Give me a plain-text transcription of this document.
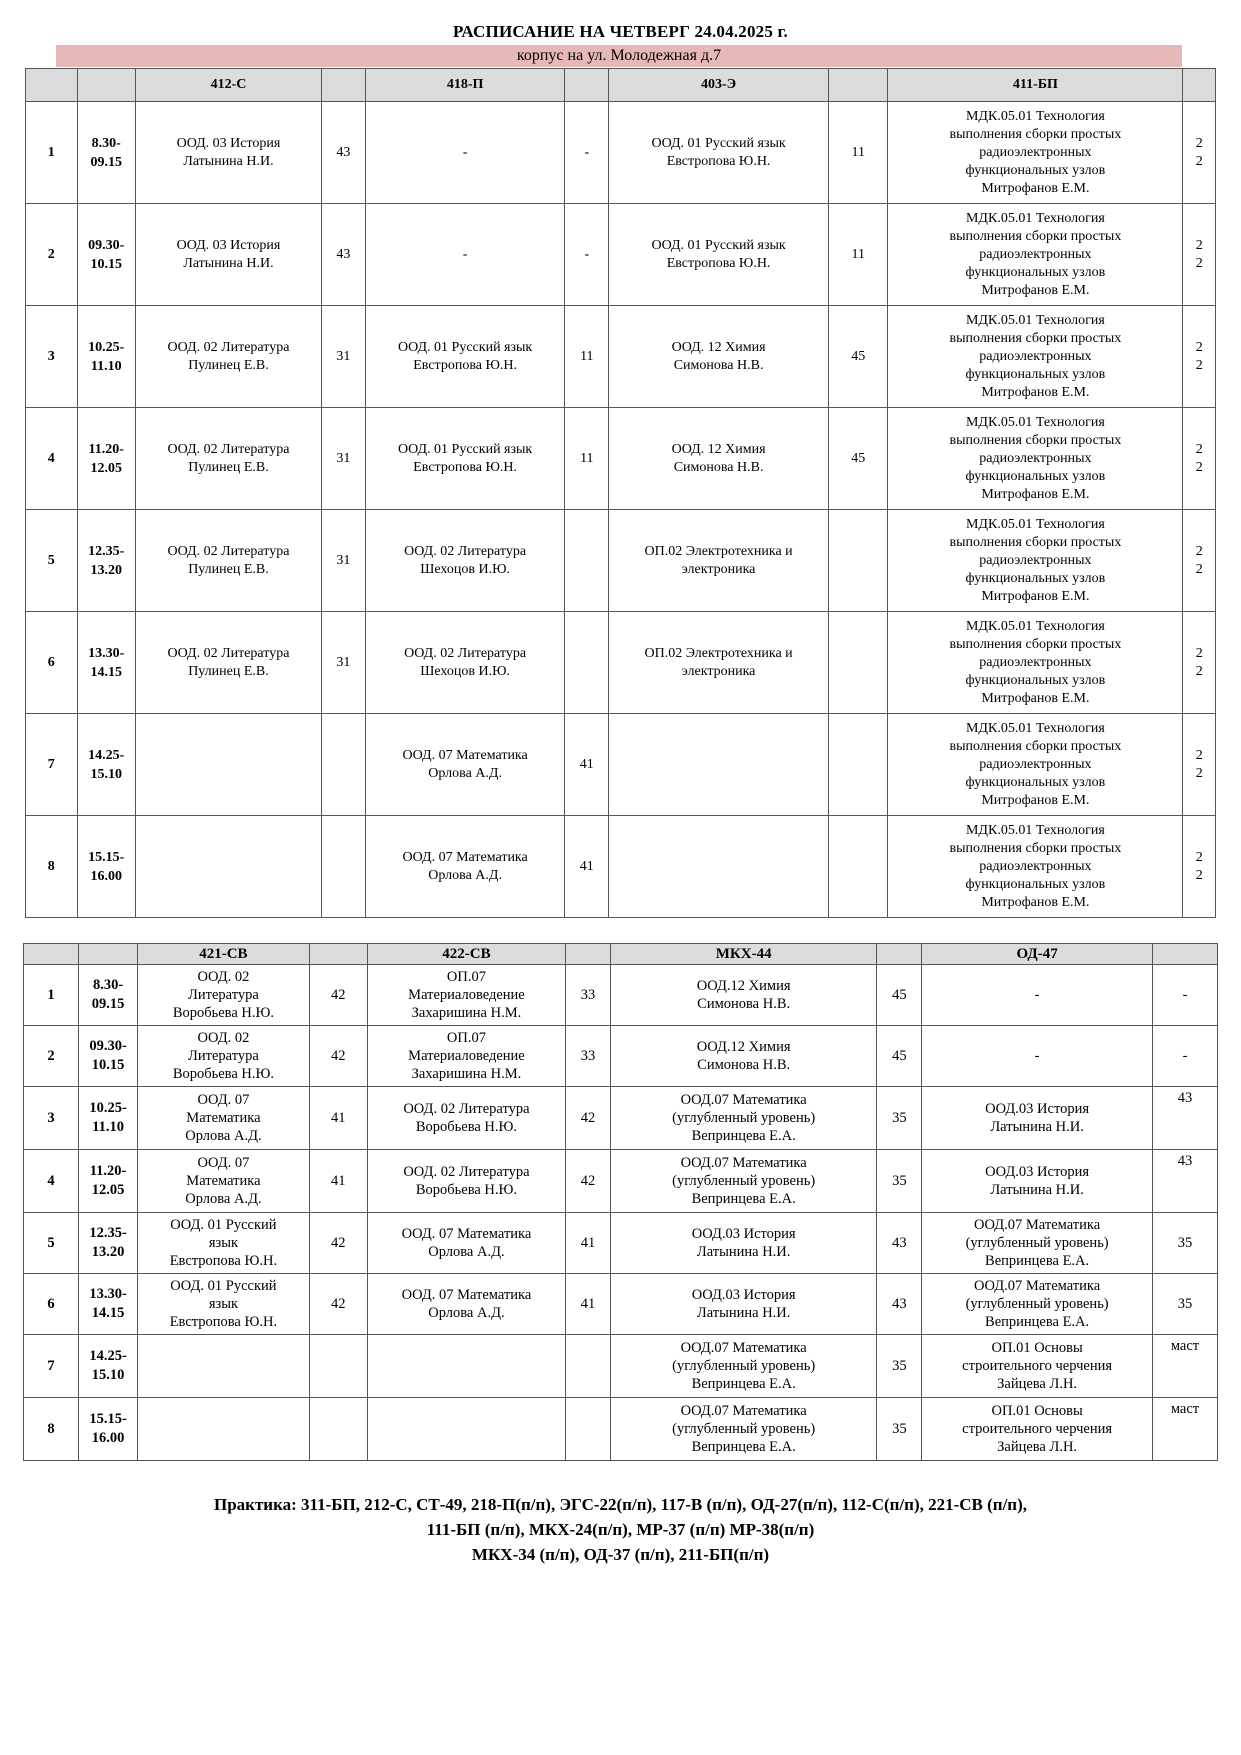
РАСПИСАНИЕ НА ЧЕТВЕРГ 24.04.2025 г.
корпус на ул. Молодежная д.7
		412-С		418-П		403-Э		411-БП	
1	8.30-
09.15	ООД. 03 История
Латынина Н.И.	43	-	-	ООД. 01 Русский язык
Евстропова Ю.Н.	11	МДК.05.01 Технология
выполнения сборки простых
радиоэлектронных
функциональных узлов
Митрофанов Е.М.	2
2
2	09.30-
10.15	ООД. 03 История
Латынина Н.И.	43	-	-	ООД. 01 Русский язык
Евстропова Ю.Н.	11	МДК.05.01 Технология
выполнения сборки простых
радиоэлектронных
функциональных узлов
Митрофанов Е.М.	2
2
3	10.25-
11.10	ООД. 02 Литература
Пулинец Е.В.	31	ООД. 01 Русский язык
Евстропова Ю.Н.	11	ООД. 12 Химия
Симонова Н.В.	45	МДК.05.01 Технология
выполнения сборки простых
радиоэлектронных
функциональных узлов
Митрофанов Е.М.	2
2
4	11.20-
12.05	ООД. 02 Литература
Пулинец Е.В.	31	ООД. 01 Русский язык
Евстропова Ю.Н.	11	ООД. 12 Химия
Симонова Н.В.	45	МДК.05.01 Технология
выполнения сборки простых
радиоэлектронных
функциональных узлов
Митрофанов Е.М.	2
2
5	12.35-
13.20	ООД. 02 Литература
Пулинец Е.В.	31	ООД. 02 Литература
Шехоцов И.Ю.		ОП.02 Электротехника и
электроника		МДК.05.01 Технология
выполнения сборки простых
радиоэлектронных
функциональных узлов
Митрофанов Е.М.	2
2
6	13.30-
14.15	ООД. 02 Литература
Пулинец Е.В.	31	ООД. 02 Литература
Шехоцов И.Ю.		ОП.02 Электротехника и
электроника		МДК.05.01 Технология
выполнения сборки простых
радиоэлектронных
функциональных узлов
Митрофанов Е.М.	2
2
7	14.25-
15.10			ООД. 07 Математика
Орлова А.Д.	41			МДК.05.01 Технология
выполнения сборки простых
радиоэлектронных
функциональных узлов
Митрофанов Е.М.	2
2
8	15.15-
16.00			ООД. 07 Математика
Орлова А.Д.	41			МДК.05.01 Технология
выполнения сборки простых
радиоэлектронных
функциональных узлов
Митрофанов Е.М.	2
2
		421-СВ		422-СВ		МКХ-44		ОД-47	
1	8.30-
09.15	ООД. 02
Литература
Воробьева Н.Ю.	42	ОП.07
Материаловедение
Захаришина Н.М.	33	ООД.12 Химия
Симонова Н.В.	45	-	-
2	09.30-
10.15	ООД. 02
Литература
Воробьева Н.Ю.	42	ОП.07
Материаловедение
Захаришина Н.М.	33	ООД.12 Химия
Симонова Н.В.	45	-	-
3	10.25-
11.10	ООД. 07
Математика
Орлова А.Д.	41	ООД. 02 Литература
Воробьева Н.Ю.	42	ООД.07 Математика
(углубленный уровень)
Вепринцева Е.А.	35	ООД.03 История
Латынина Н.И.	43
4	11.20-
12.05	ООД. 07
Математика
Орлова А.Д.	41	ООД. 02 Литература
Воробьева Н.Ю.	42	ООД.07 Математика
(углубленный уровень)
Вепринцева Е.А.	35	ООД.03 История
Латынина Н.И.	43
5	12.35-
13.20	ООД. 01 Русский
язык
Евстропова Ю.Н.	42	ООД. 07 Математика
Орлова А.Д.	41	ООД.03 История
Латынина Н.И.	43	ООД.07 Математика
(углубленный уровень)
Вепринцева Е.А.	35
6	13.30-
14.15	ООД. 01 Русский
язык
Евстропова Ю.Н.	42	ООД. 07 Математика
Орлова А.Д.	41	ООД.03 История
Латынина Н.И.	43	ООД.07 Математика
(углубленный уровень)
Вепринцева Е.А.	35
7	14.25-
15.10					ООД.07 Математика
(углубленный уровень)
Вепринцева Е.А.	35	ОП.01 Основы
строительного черчения
Зайцева Л.Н.	маст
8	15.15-
16.00					ООД.07 Математика
(углубленный уровень)
Вепринцева Е.А.	35	ОП.01 Основы
строительного черчения
Зайцева Л.Н.	маст
Практика: 311-БП, 212-С, СТ-49, 218-П(п/п), ЭГС-22(п/п), 117-В (п/п), ОД-27(п/п), 112-С(п/п), 221-СВ (п/п),
111-БП (п/п), МКХ-24(п/п), МР-37 (п/п) МР-38(п/п)
МКХ-34 (п/п), ОД-37 (п/п), 211-БП(п/п)
